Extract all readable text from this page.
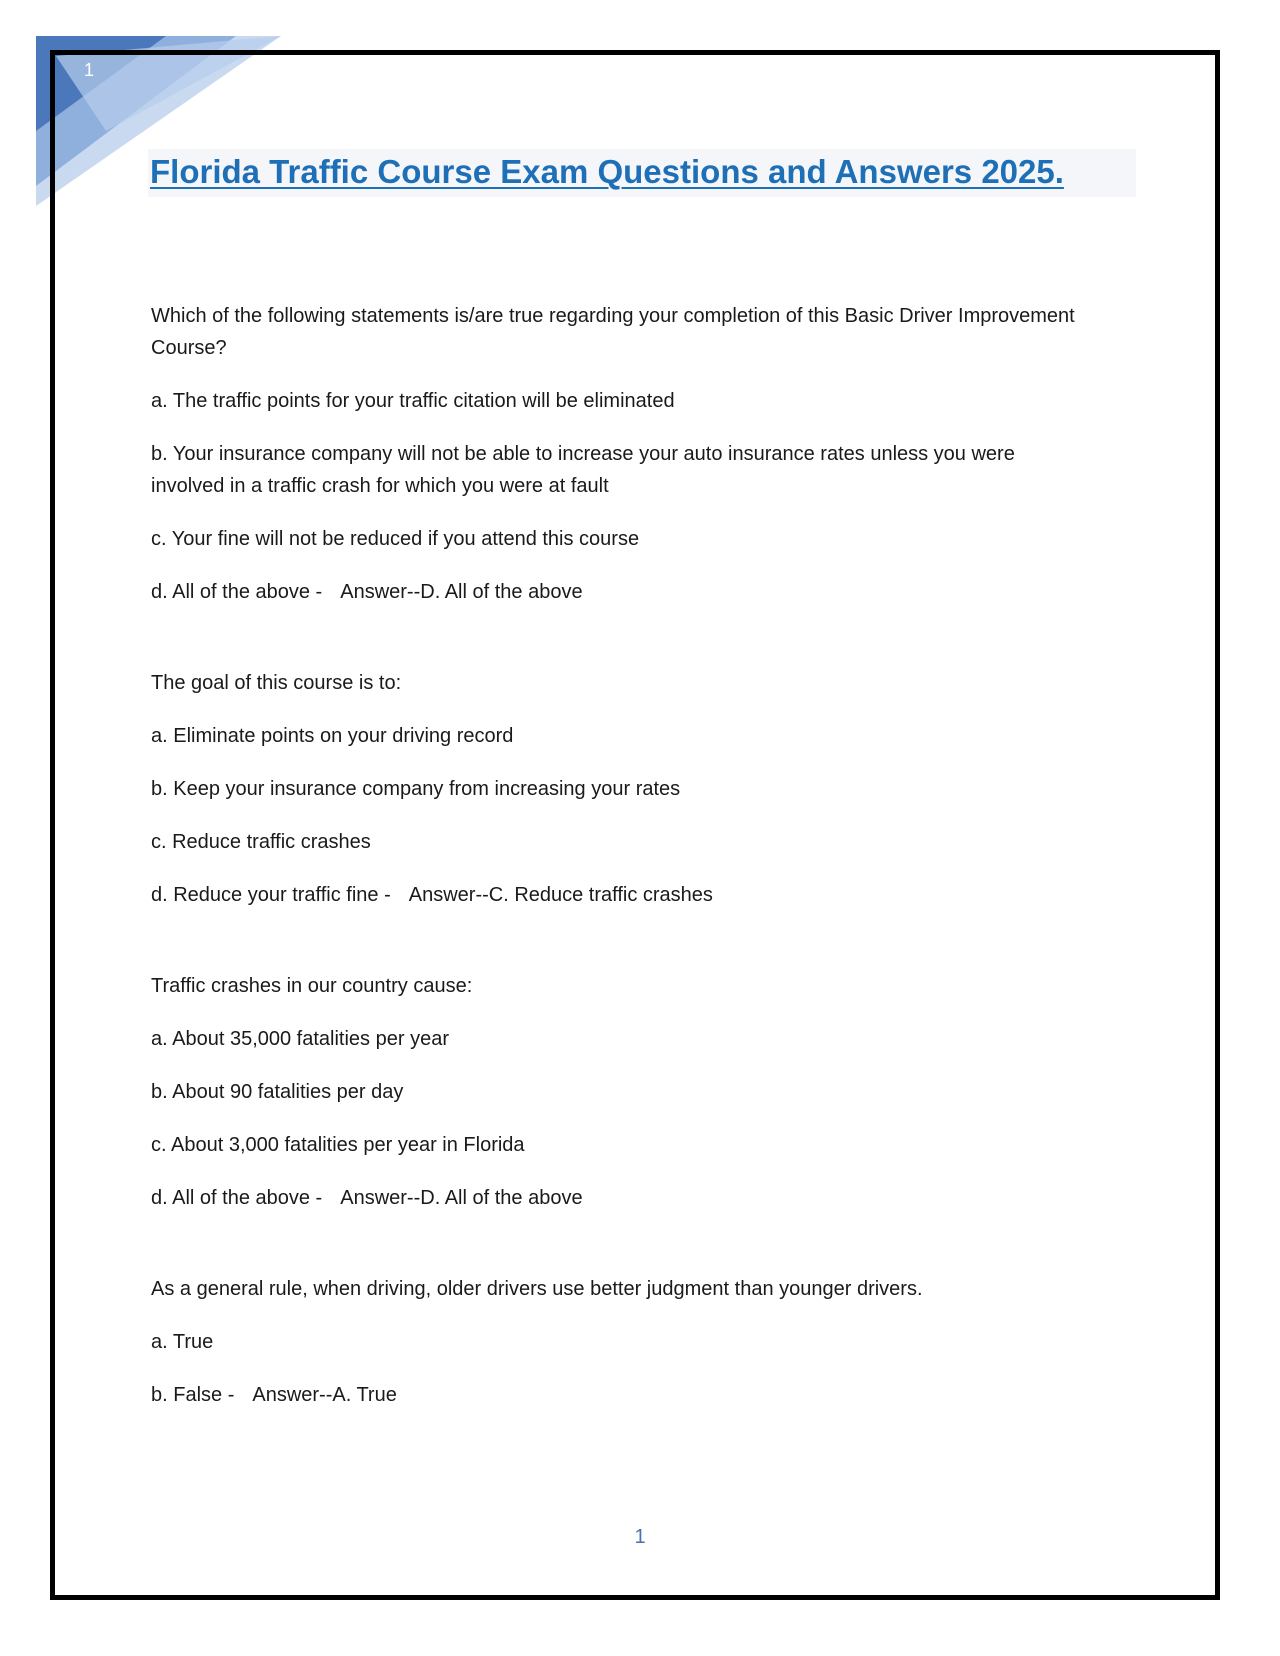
1
Florida Traffic Course Exam Questions and Answers 2025.

Which of the following statements is/are true regarding your completion of this Basic Driver Improvement Course?

a. The traffic points for your traffic citation will be eliminated

b. Your insurance company will not be able to increase your auto insurance rates unless you were involved in a traffic crash for which you were at fault

c. Your fine will not be reduced if you attend this course

d. All of the above - Answer--D. All of the above

The goal of this course is to:

a. Eliminate points on your driving record

b. Keep your insurance company from increasing your rates

c. Reduce traffic crashes

d. Reduce your traffic fine - Answer--C. Reduce traffic crashes

Traffic crashes in our country cause:

a. About 35,000 fatalities per year

b. About 90 fatalities per day

c. About 3,000 fatalities per year in Florida

d. All of the above - Answer--D. All of the above

As a general rule, when driving, older drivers use better judgment than younger drivers.

a. True

b. False - Answer--A. True

1
